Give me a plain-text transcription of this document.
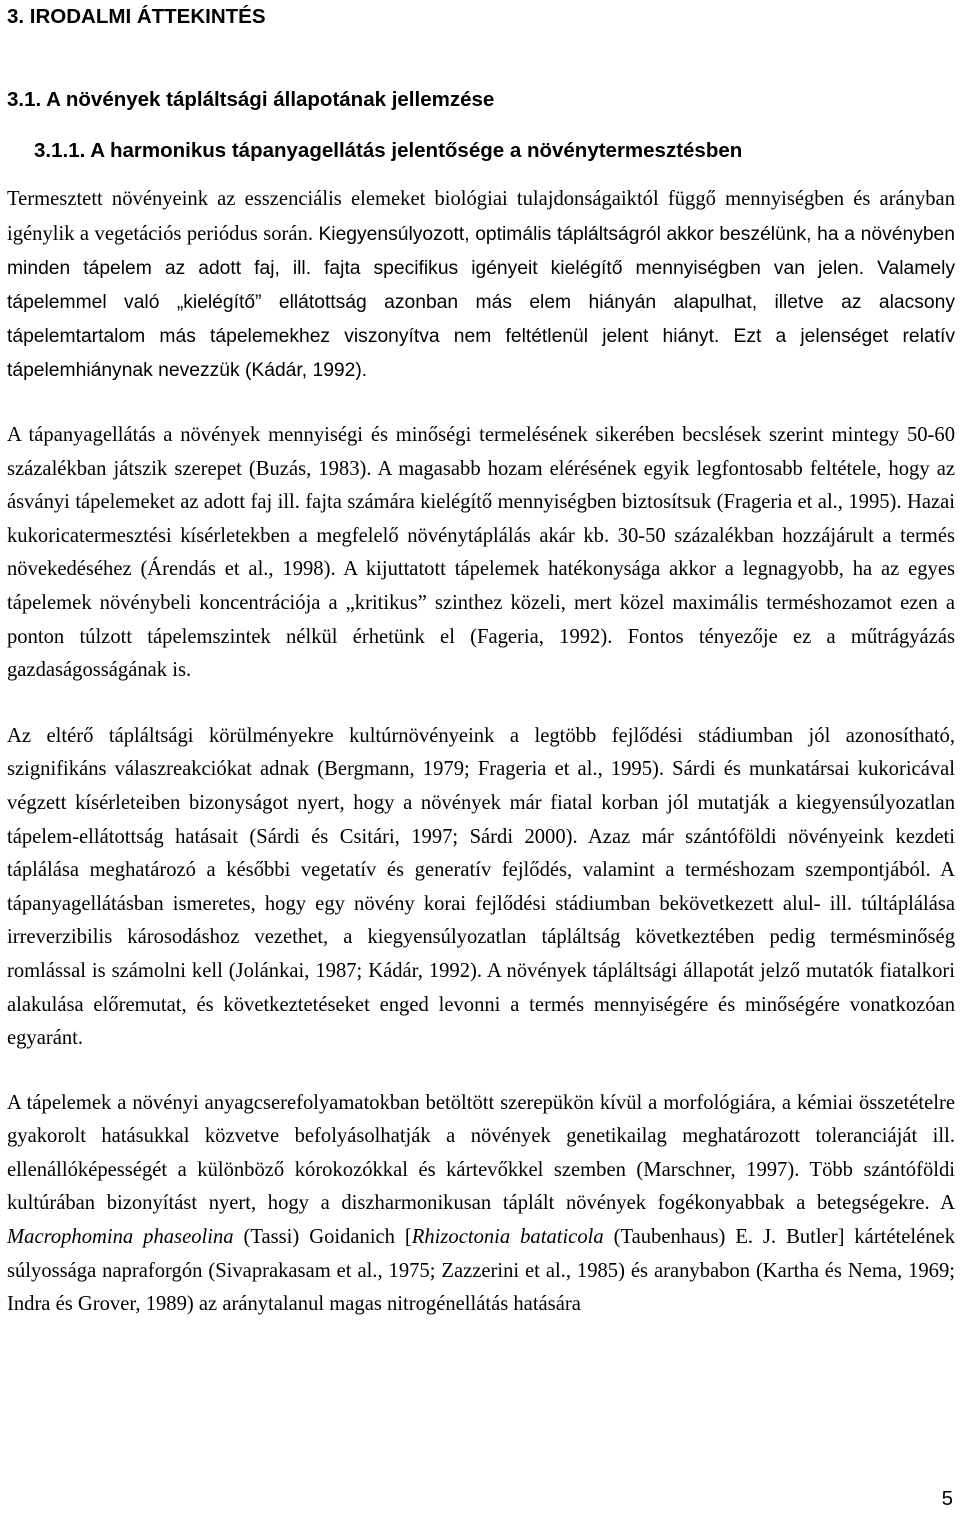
3. IRODALMI ÁTTEKINTÉS
3.1. A növények tápláltsági állapotának jellemzése
3.1.1. A harmonikus tápanyagellátás jelentősége a növénytermesztésben

Termesztett növényeink az esszenciális elemeket biológiai tulajdonságaiktól függő mennyiségben és arányban igénylik a vegetációs periódus során. Kiegyensúlyozott, optimális tápláltságról akkor beszélünk, ha a növényben minden tápelem az adott faj, ill. fajta specifikus igényeit kielégítő mennyiségben van jelen. Valamely tápelemmel való „kielégítő” ellátottság azonban más elem hiányán alapulhat, illetve az alacsony tápelemtartalom más tápelemekhez viszonyítva nem feltétlenül jelent hiányt. Ezt a jelenséget relatív tápelemhiánynak nevezzük (Kádár, 1992).

A tápanyagellátás a növények mennyiségi és minőségi termelésének sikerében becslések szerint mintegy 50-60 százalékban játszik szerepet (Buzás, 1983). A magasabb hozam elérésének egyik legfontosabb feltétele, hogy az ásványi tápelemeket az adott faj ill. fajta számára kielégítő mennyiségben biztosítsuk (Frageria et al., 1995). Hazai kukoricatermesztési kísérletekben a megfelelő növénytáplálás akár kb. 30-50 százalékban hozzájárult a termés növekedéséhez (Árendás et al., 1998). A kijuttatott tápelemek hatékonysága akkor a legnagyobb, ha az egyes tápelemek növénybeli koncentrációja a „kritikus” szinthez közeli, mert közel maximális terméshozamot ezen a ponton túlzott tápelemszintek nélkül érhetünk el (Fageria, 1992). Fontos tényezője ez a műtrágyázás gazdaságosságának is.

Az eltérő tápláltsági körülményekre kultúrnövényeink a legtöbb fejlődési stádiumban jól azonosítható, szignifikáns válaszreakciókat adnak (Bergmann, 1979; Frageria et al., 1995). Sárdi és munkatársai kukoricával végzett kísérleteiben bizonyságot nyert, hogy a növények már fiatal korban jól mutatják a kiegyensúlyozatlan tápelem-ellátottság hatásait (Sárdi és Csitári, 1997; Sárdi 2000). Azaz már szántóföldi növényeink kezdeti táplálása meghatározó a későbbi vegetatív és generatív fejlődés, valamint a terméshozam szempontjából. A tápanyagellátásban ismeretes, hogy egy növény korai fejlődési stádiumban bekövetkezett alul- ill. túltáplálása irreverzibilis károsodáshoz vezethet, a kiegyensúlyozatlan tápláltság következtében pedig termésminőség romlással is számolni kell (Jolánkai, 1987; Kádár, 1992). A növények tápláltsági állapotát jelző mutatók fiatalkori alakulása előremutat, és következtetéseket enged levonni a termés mennyiségére és minőségére vonatkozóan egyaránt.

A tápelemek a növényi anyagcserefolyamatokban betöltött szerepükön kívül a morfológiára, a kémiai összetételre gyakorolt hatásukkal közvetve befolyásolhatják a növények genetikailag meghatározott toleranciáját ill. ellenállóképességét a különböző kórokozókkal és kártevőkkel szemben (Marschner, 1997). Több szántóföldi kultúrában bizonyítást nyert, hogy a diszharmonikusan táplált növények fogékonyabbak a betegségekre. A Macrophomina phaseolina (Tassi) Goidanich [Rhizoctonia bataticola (Taubenhaus) E. J. Butler] kártételének súlyossága napraforgón (Sivaprakasam et al., 1975; Zazzerini et al., 1985) és aranybabon (Kartha és Nema, 1969; Indra és Grover, 1989) az aránytalanul magas nitrogénellátás hatására

5
